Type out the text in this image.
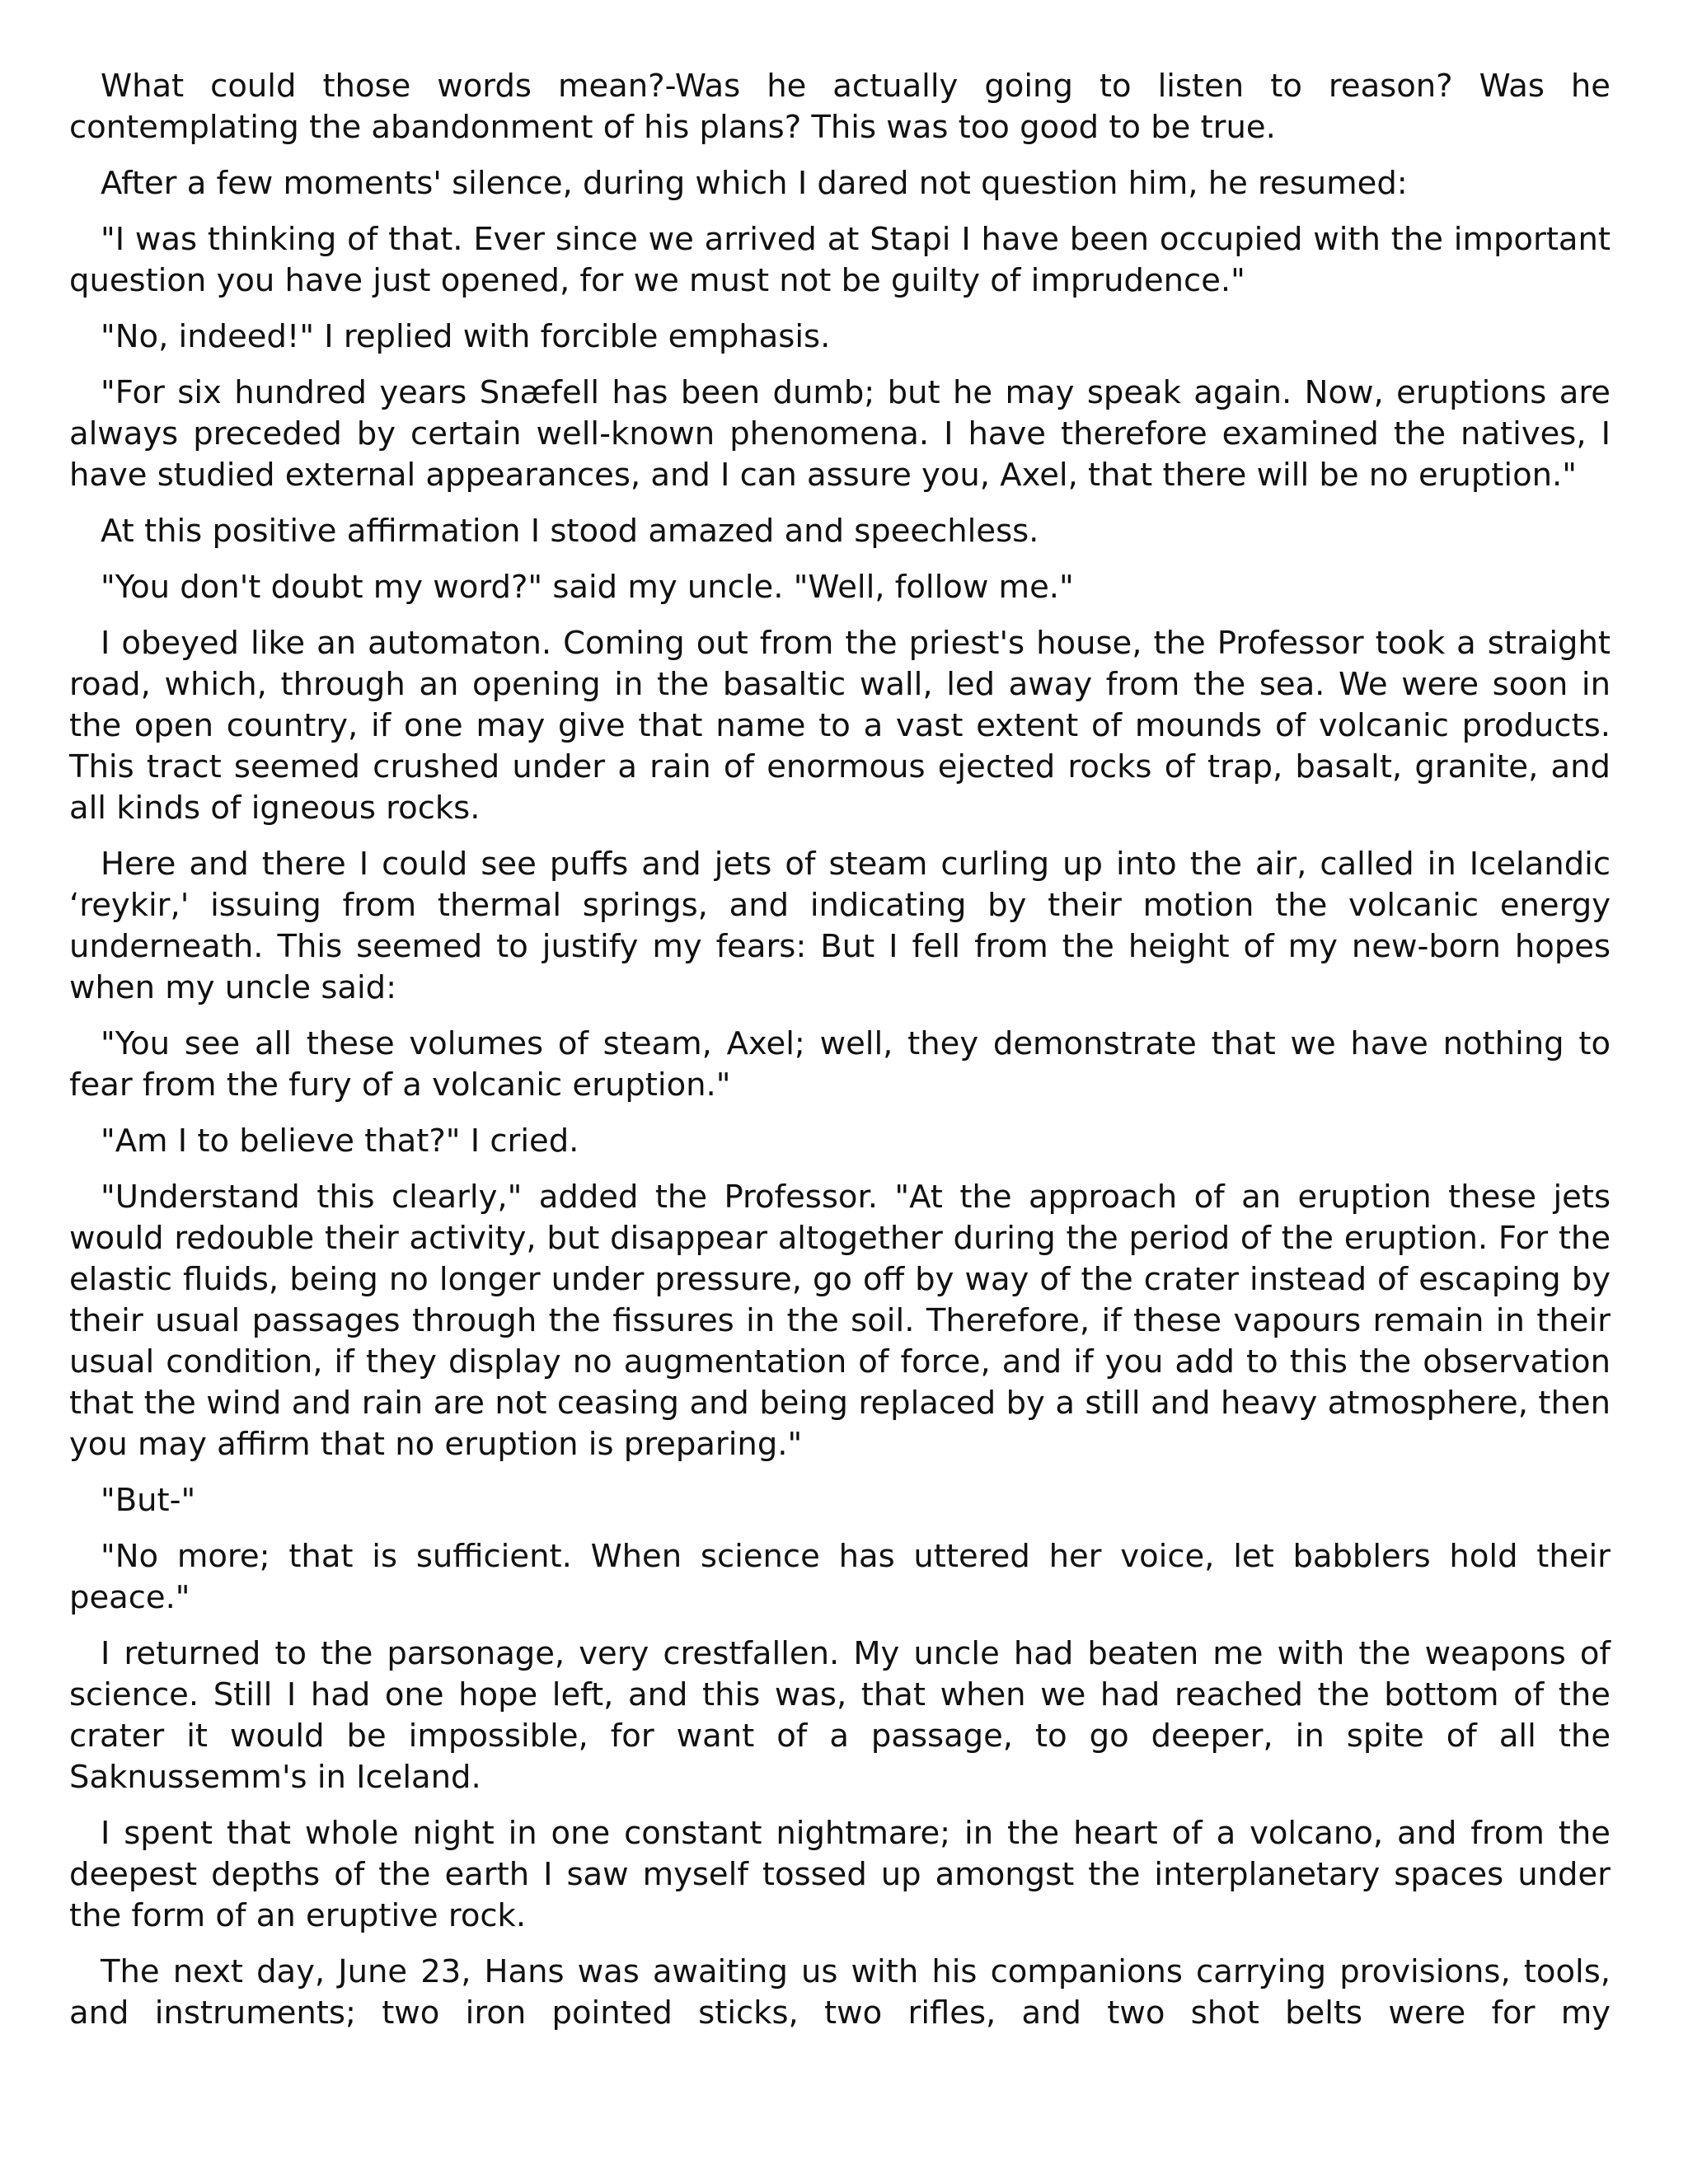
What could those words mean?-Was he actually going to listen to reason? Was he contemplating the abandonment of his plans? This was too good to be true.

After a few moments' silence, during which I dared not question him, he resumed:

"I was thinking of that. Ever since we arrived at Stapi I have been occupied with the important question you have just opened, for we must not be guilty of imprudence."

"No, indeed!" I replied with forcible emphasis.

"For six hundred years Snæfell has been dumb; but he may speak again. Now, eruptions are always preceded by certain well-known phenomena. I have therefore examined the natives, I have studied external appearances, and I can assure you, Axel, that there will be no eruption."

At this positive affirmation I stood amazed and speechless.

"You don't doubt my word?" said my uncle. "Well, follow me."

I obeyed like an automaton. Coming out from the priest's house, the Professor took a straight road, which, through an opening in the basaltic wall, led away from the sea. We were soon in the open country, if one may give that name to a vast extent of mounds of volcanic products. This tract seemed crushed under a rain of enormous ejected rocks of trap, basalt, granite, and all kinds of igneous rocks.

Here and there I could see puffs and jets of steam curling up into the air, called in Icelandic ‘reykir,' issuing from thermal springs, and indicating by their motion the volcanic energy underneath. This seemed to justify my fears: But I fell from the height of my new-born hopes when my uncle said:

"You see all these volumes of steam, Axel; well, they demonstrate that we have nothing to fear from the fury of a volcanic eruption."

"Am I to believe that?" I cried.

"Understand this clearly," added the Professor. "At the approach of an eruption these jets would redouble their activity, but disappear altogether during the period of the eruption. For the elastic fluids, being no longer under pressure, go off by way of the crater instead of escaping by their usual passages through the fissures in the soil. Therefore, if these vapours remain in their usual condition, if they display no augmentation of force, and if you add to this the observation that the wind and rain are not ceasing and being replaced by a still and heavy atmosphere, then you may affirm that no eruption is preparing."

"But-"

"No more; that is sufficient. When science has uttered her voice, let babblers hold their peace."

I returned to the parsonage, very crestfallen. My uncle had beaten me with the weapons of science. Still I had one hope left, and this was, that when we had reached the bottom of the crater it would be impossible, for want of a passage, to go deeper, in spite of all the Saknussemm's in Iceland.

I spent that whole night in one constant nightmare; in the heart of a volcano, and from the deepest depths of the earth I saw myself tossed up amongst the interplanetary spaces under the form of an eruptive rock.

The next day, June 23, Hans was awaiting us with his companions carrying provisions, tools, and instruments; two iron pointed sticks, two rifles, and two shot belts were for my
